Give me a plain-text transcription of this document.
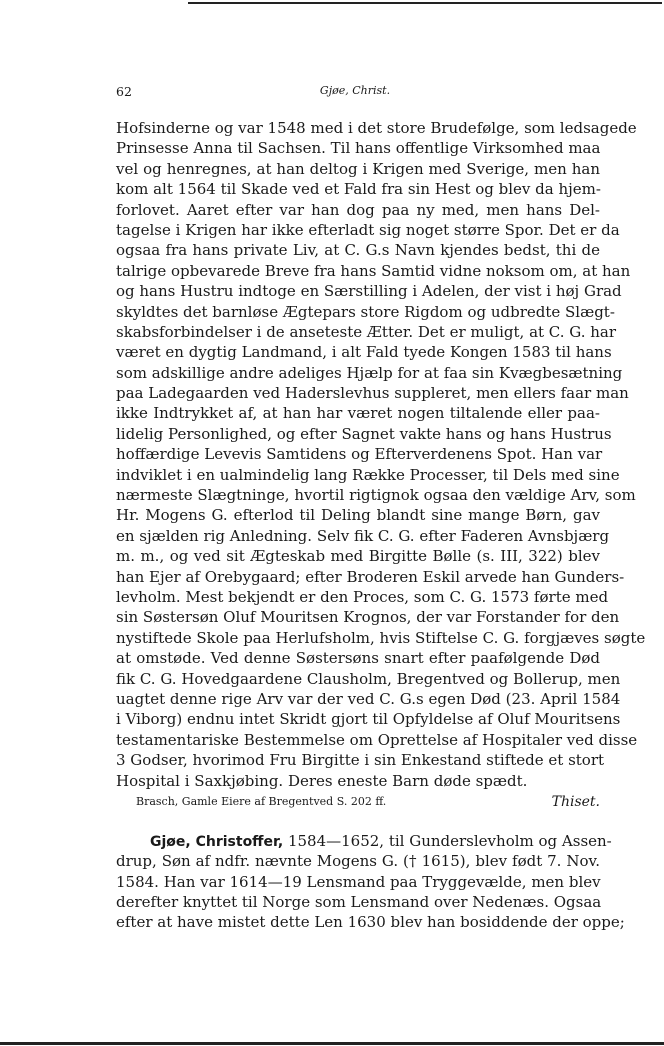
62	Gjøe, Christ.
Hofsinderne og var 1548 med i det store Brudefølge, som ledsagede
Prinsesse Anna til Sachsen. Til hans offentlige Virksomhed maa
vel og henregnes, at han deltog i Krigen med Sverige, men han
kom alt 1564 til Skade ved et Fald fra sin Hest og blev da hjem-
forlovet. Aaret efter var han dog paa ny med, men hans Del-
tagelse i Krigen har ikke efterladt sig noget større Spor. Det er da
ogsaa fra hans private Liv, at C. G.s Navn kjendes bedst, thi de
talrige opbevarede Breve fra hans Samtid vidne noksom om, at han
og hans Hustru indtoge en Særstilling i Adelen, der vist i høj Grad
skyldtes det barnløse Ægtepars store Rigdom og udbredte Slægt-
skabsforbindelser i de anseteste Ætter. Det er muligt, at C. G. har
været en dygtig Landmand, i alt Fald tyede Kongen 1583 til hans
som adskillige andre adeliges Hjælp for at faa sin Kvægbesætning
paa Ladegaarden ved Haderslevhus suppleret, men ellers faar man
ikke Indtrykket af, at han har været nogen tiltalende eller paa-
lidelig Personlighed, og efter Sagnet vakte hans og hans Hustrus
hoffærdige Levevis Samtidens og Efterverdenens Spot. Han var
indviklet i en ualmindelig lang Række Processer, til Dels med sine
nærmeste Slægtninge, hvortil rigtignok ogsaa den vældige Arv, som
Hr. Mogens G. efterlod til Deling blandt sine mange Børn, gav
en sjælden rig Anledning. Selv fik C. G. efter Faderen Avnsbjærg
m. m., og ved sit Ægteskab med Birgitte Bølle (s. III, 322) blev
han Ejer af Orebygaard; efter Broderen Eskil arvede han Gunders-
levholm. Mest bekjendt er den Proces, som C. G. 1573 førte med
sin Søstersøn Oluf Mouritsen Krognos, der var Forstander for den
nystiftede Skole paa Herlufsholm, hvis Stiftelse C. G. forgjæves søgte
at omstøde. Ved denne Søstersøns snart efter paafølgende Død
fik C. G. Hovedgaardene Clausholm, Bregentved og Bollerup, men
uagtet denne rige Arv var der ved C. G.s egen Død (23. April 1584
i Viborg) endnu intet Skridt gjort til Opfyldelse af Oluf Mouritsens
testamentariske Bestemmelse om Oprettelse af Hospitaler ved disse
3 Godser, hvorimod Fru Birgitte i sin Enkestand stiftede et stort
Hospital i Saxkjøbing. Deres eneste Barn døde spædt.
Brasch, Gamle Eiere af Bregentved S. 202 ff.	Thiset.
Gjøe, Christoffer, 1584—1652, til Gunderslevholm og Assen-
drup, Søn af ndfr. nævnte Mogens G. († 1615), blev født 7. Nov.
1584. Han var 1614—19 Lensmand paa Tryggevælde, men blev
derefter knyttet til Norge som Lensmand over Nedenæs. Ogsaa
efter at have mistet dette Len 1630 blev han bosiddende der oppe;
